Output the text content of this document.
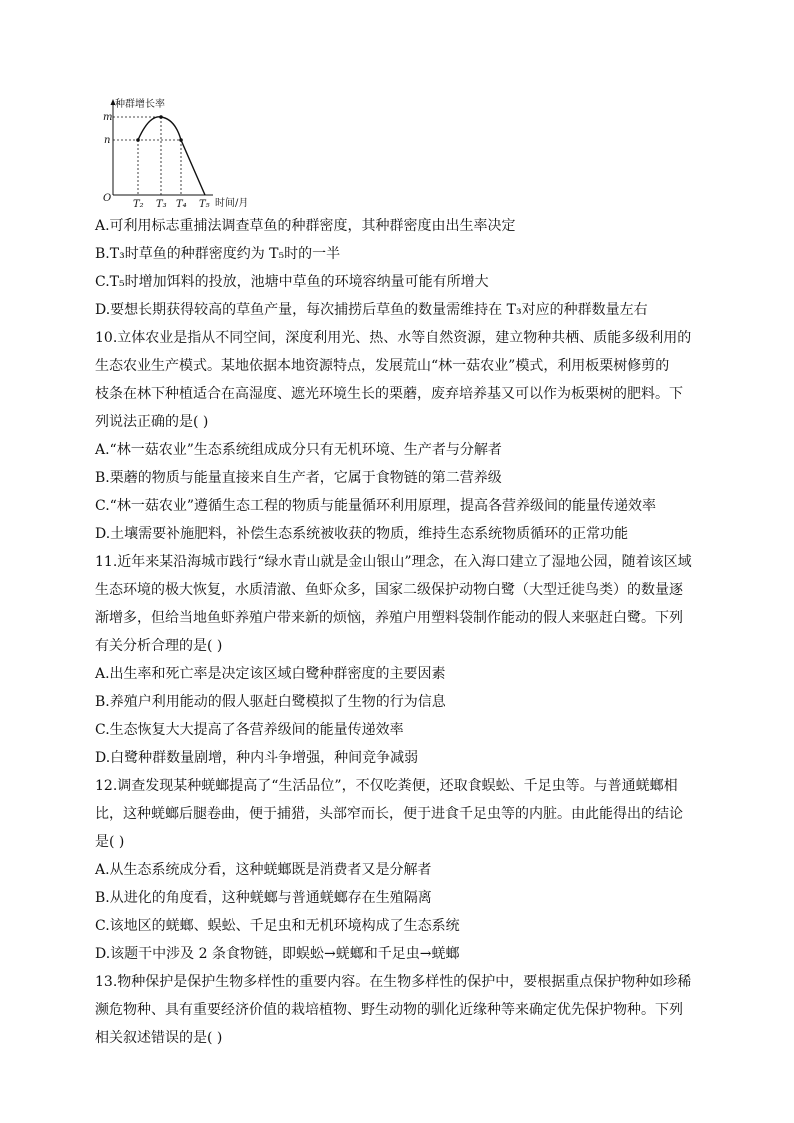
种群增长率
m
n
O
T₂ T₃ T₄ T₅ 时间/月
A.可利用标志重捕法调查草鱼的种群密度，其种群密度由出生率决定
B.T₃时草鱼的种群密度约为 T₅时的一半
C.T₅时增加饵料的投放，池塘中草鱼的环境容纳量可能有所增大
D.要想长期获得较高的草鱼产量，每次捕捞后草鱼的数量需维持在 T₃对应的种群数量左右
10.立体农业是指从不同空间，深度利用光、热、水等自然资源，建立物种共栖、质能多级利用的
生态农业生产模式。某地依据本地资源特点，发展荒山“林一菇农业”模式，利用板栗树修剪的
枝条在林下种植适合在高湿度、遮光环境生长的栗蘑，废弃培养基又可以作为板栗树的肥料。下
列说法正确的是( )
A.“林一菇农业”生态系统组成成分只有无机环境、生产者与分解者
B.栗蘑的物质与能量直接来自生产者，它属于食物链的第二营养级
C.“林一菇农业”遵循生态工程的物质与能量循环利用原理，提高各营养级间的能量传递效率
D.土壤需要补施肥料，补偿生态系统被收获的物质，维持生态系统物质循环的正常功能
11.近年来某沿海城市践行“绿水青山就是金山银山”理念，在入海口建立了湿地公园，随着该区域
生态环境的极大恢复，水质清澈、鱼虾众多，国家二级保护动物白鹭（大型迁徙鸟类）的数量逐
渐增多，但给当地鱼虾养殖户带来新的烦恼，养殖户用塑料袋制作能动的假人来驱赶白鹭。下列
有关分析合理的是( )
A.出生率和死亡率是决定该区域白鹭种群密度的主要因素
B.养殖户利用能动的假人驱赶白鹭模拟了生物的行为信息
C.生态恢复大大提高了各营养级间的能量传递效率
D.白鹭种群数量剧增，种内斗争增强，种间竞争减弱
12.调查发现某种蜣螂提高了“生活品位”，不仅吃粪便，还取食蜈蚣、千足虫等。与普通蜣螂相
比，这种蜣螂后腿卷曲，便于捕猎，头部窄而长，便于进食千足虫等的内脏。由此能得出的结论
是( )
A.从生态系统成分看，这种蜣螂既是消费者又是分解者
B.从进化的角度看，这种蜣螂与普通蜣螂存在生殖隔离
C.该地区的蜣螂、蜈蚣、千足虫和无机环境构成了生态系统
D.该题干中涉及 2 条食物链，即蜈蚣→蜣螂和千足虫→蜣螂
13.物种保护是保护生物多样性的重要内容。在生物多样性的保护中，要根据重点保护物种如珍稀
濒危物种、具有重要经济价值的栽培植物、野生动物的驯化近缘种等来确定优先保护物种。下列
相关叙述错误的是( )
